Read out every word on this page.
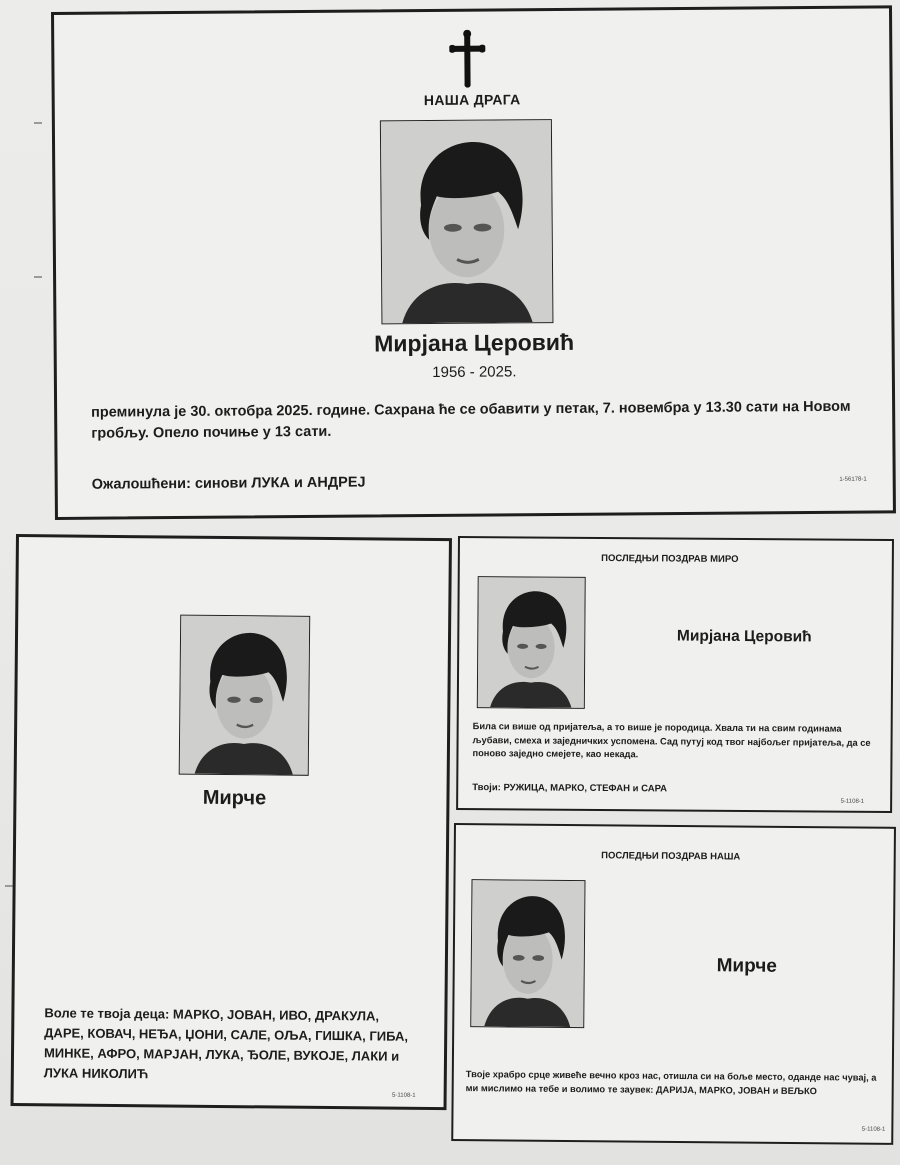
НАША ДРАГА
Мирјана Церовић
1956 - 2025.
преминула је 30. октобра 2025. године. Сахрана ће се обавити у петак, 7. новембра у 13.30 сати на Новом гробљу. Опело почиње у 13 сати.
Ожалошћени: синови ЛУКА и АНДРЕЈ	1-56178-1
Мирче
Воле те твоја деца: МАРКО, ЈОВАН, ИВО, ДРАКУЛА, ДАРЕ, КОВАЧ, НЕЂА, ЏОНИ, САЛЕ, ОЉА, ГИШКА, ГИБА, МИНКЕ, АФРО, МАРЈАН, ЛУКА, ЂОЛЕ, ВУКОЈЕ, ЛАКИ и ЛУКА НИКОЛИЋ
5-1108-1
ПОСЛЕДЊИ ПОЗДРАВ МИРО
Мирјана Церовић
Била си више од пријатеља, а то више је породица. Хвала ти на свим годинама љубави, смеха и заједничких успомена. Сад путуј код твог најбољег пријатеља, да се поново заједно смејете, као некада.
Твоји: РУЖИЦА, МАРКО, СТЕФАН и САРА
5-1108-1
ПОСЛЕДЊИ ПОЗДРАВ НАША
Мирче
Твоје храбро срце живеће вечно кроз нас, отишла си на боље место, одандe нас чувај, а ми мислимо на тебе и волимо те заувек: ДАРИЈА, МАРКО, ЈОВАН и ВЕЉКО
5-1108-1
